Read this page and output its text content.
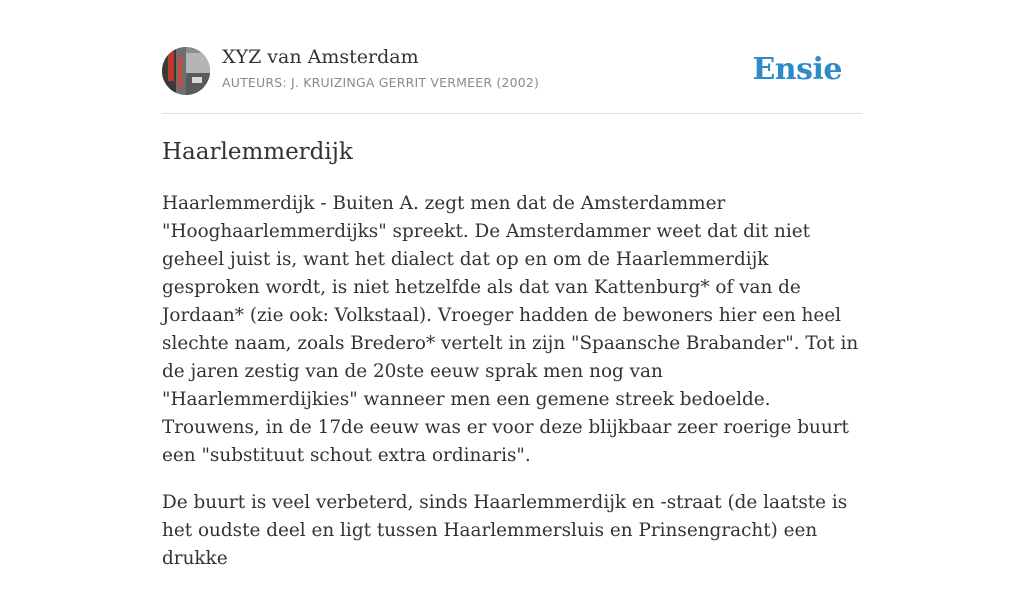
XYZ van Amsterdam
AUTEURS: J. KRUIZINGA GERRIT VERMEER (2002)	Ensie
Haarlemmerdijk

Haarlemmerdijk - Buiten A. zegt men dat de Amsterdammer "Hooghaarlemmerdijks" spreekt. De Amsterdammer weet dat dit niet geheel juist is, want het dialect dat op en om de Haarlemmerdijk gesproken wordt, is niet hetzelfde als dat van Kattenburg* of van de Jordaan* (zie ook: Volkstaal). Vroeger hadden de bewoners hier een heel slechte naam, zoals Bredero* vertelt in zijn "Spaansche Brabander". Tot in de jaren zestig van de 20ste eeuw sprak men nog van "Haarlemmerdijkies" wanneer men een gemene streek bedoelde. Trouwens, in de 17de eeuw was er voor deze blijkbaar zeer roerige buurt een "substituut schout extra ordinaris".

De buurt is veel verbeterd, sinds Haarlemmerdijk en -straat (de laatste is het oudste deel en ligt tussen Haarlemmersluis en Prinsengracht) een drukke
